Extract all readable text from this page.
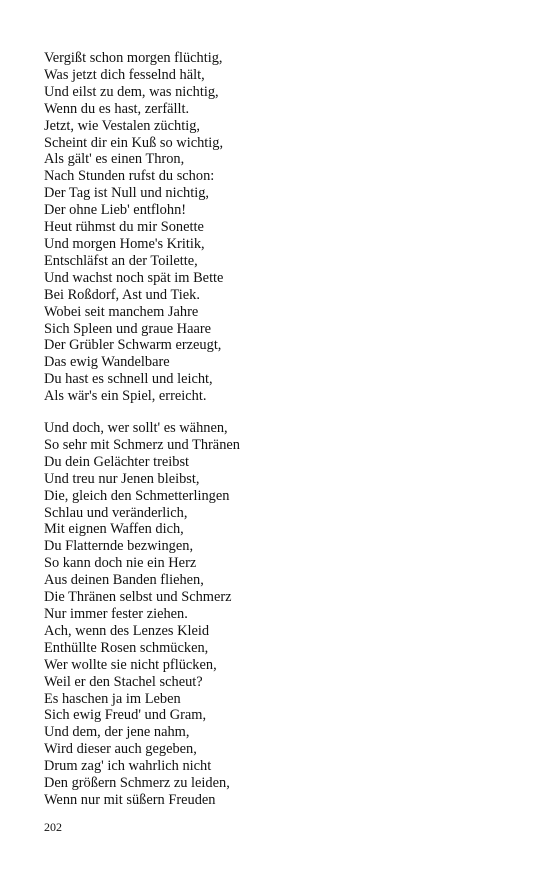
Vergißt schon morgen flüchtig,
Was jetzt dich fesselnd hält,
Und eilst zu dem, was nichtig,
Wenn du es hast, zerfällt.
Jetzt, wie Vestalen züchtig,
Scheint dir ein Kuß so wichtig,
Als gält' es einen Thron,
Nach Stunden rufst du schon:
Der Tag ist Null und nichtig,
Der ohne Lieb' entflohn!
Heut rühmst du mir Sonette
Und morgen Home's Kritik,
Entschläfst an der Toilette,
Und wachst noch spät im Bette
Bei Roßdorf, Ast und Tiek.
Wobei seit manchem Jahre
Sich Spleen und graue Haare
Der Grübler Schwarm erzeugt,
Das ewig Wandelbare
Du hast es schnell und leicht,
Als wär's ein Spiel, erreicht.
Und doch, wer sollt' es wähnen,
So sehr mit Schmerz und Thränen
Du dein Gelächter treibst
Und treu nur Jenen bleibst,
Die, gleich den Schmetterlingen
Schlau und veränderlich,
Mit eignen Waffen dich,
Du Flatternde bezwingen,
So kann doch nie ein Herz
Aus deinen Banden fliehen,
Die Thränen selbst und Schmerz
Nur immer fester ziehen.
Ach, wenn des Lenzes Kleid
Enthüllte Rosen schmücken,
Wer wollte sie nicht pflücken,
Weil er den Stachel scheut?
Es haschen ja im Leben
Sich ewig Freud' und Gram,
Und dem, der jene nahm,
Wird dieser auch gegeben,
Drum zag' ich wahrlich nicht
Den größern Schmerz zu leiden,
Wenn nur mit süßern Freuden
202
